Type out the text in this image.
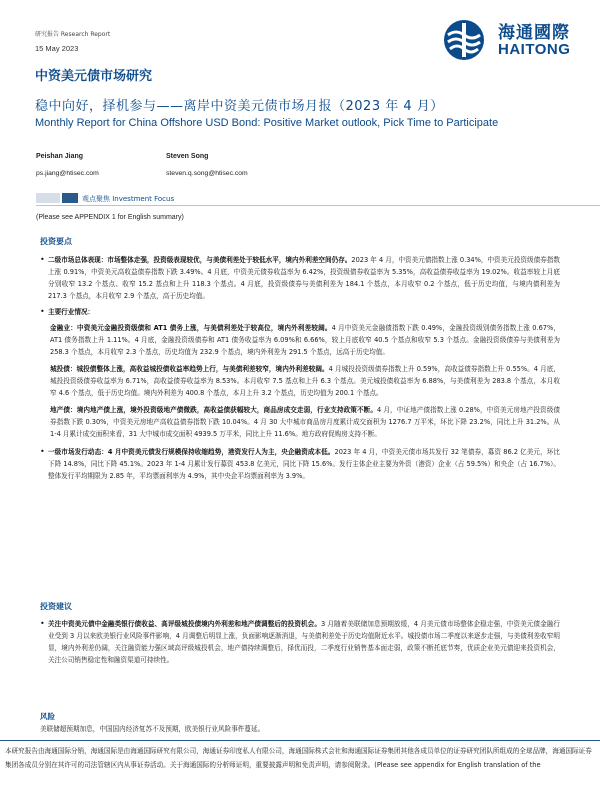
研究报告 Research Report
15 May 2023
海通國際
HAITONG
中资美元债市场研究
稳中向好，择机参与——离岸中资美元债市场月报（2023 年 4 月）
Monthly Report for China Offshore USD Bond: Positive Market outlook, Pick Time to Participate
Peishan Jiang
ps.jiang@htisec.com
Steven Song
steven.q.song@htisec.com
观点聚焦 Investment Focus
(Please see APPENDIX 1 for English summary)
投资要点
• 二级市场总体表现：市场整体走强，投资级表现较优，与美债利差处于较低水平，境内外利差空间仍存。2023 年 4 月，中资美元债指数上涨 0.34%，中资美元投资级债券指数上涨 0.91%，中资美元高收益债券指数下跌 3.49%。4 月底，中资美元债券收益率为 6.42%，投资级债券收益率为 5.35%，高收益债券收益率为 19.02%。收益率较上月底分别收窄 13.2 个基点、收窄 15.2 基点和上升 118.3 个基点。4 月底，投资级债券与美债利差为 184.1 个基点，本月收窄 0.2 个基点，低于历史均值，与境内债利差为 217.3 个基点，本月收窄 2.9 个基点，高于历史均值。
• 主要行业情况：
金融业：中资美元金融投资级债和 AT1 债务上涨，与美债利差处于较高位，境内外利差较阔。4 月中资美元金融债指数下跌 0.49%，金融投资级别债务指数上涨 0.67%，AT1 债务指数上升 1.11%。4 月底，金融投资级债券和 AT1 债务收益率为 6.09%和 6.66%，较上月底收窄 40.5 个基点和收窄 5.3 个基点。金融投资级债券与美债利差为 258.3 个基点，本月收窄 2.3 个基点，历史均值为 232.9 个基点，境内外利差为 291.5 个基点，远高于历史均值。
城投债：城投债整体上涨，高收益城投债收益率趋势上行，与美债利差较窄，境内外利差较阔。4 月城投投资级债券指数上升 0.59%，高收益债券指数上升 0.55%。4 月底，城投投资级债券收益率为 6.71%，高收益债券收益率为 8.53%。本月收窄 7.5 基点和上升 6.3 个基点。美元城投债收益率为 6.88%，与美债利差为 283.8 个基点，本月收窄 4.6 个基点，低于历史均值。境内外利差为 400.8 个基点，本月上升 3.2 个基点，历史均值为 200.1 个基点。
地产债：境内地产债上涨，境外投资级地产债微跌，高收益债获幅较大，商品房成交走弱，行业支持政策不断。4 月，中证地产债指数上涨 0.28%，中资美元房地产投资级债券指数下跌 0.30%，中资美元房地产高收益债券指数下跌 10.04%。4 月 30 大中城市商品房月度累计成交面积为 1276.7 万平米，环比下降 23.2%，同比上升 31.2%。从 1-4 月累计成交面积来看，31 大中城市成交面积 4939.5 万平米，同比上升 11.6%。地方政府促购房支持不断。
• 一级市场发行动态：4 月中资美元债发行规模保持收缩趋势，港资发行人为主，央企融资成本低。2023 年 4 月，中资美元债市场共发行 32 笔债券，募资 86.2 亿美元，环比下降 14.8%，同比下降 45.1%。2023 年 1-4 月累计发行募资 453.8 亿美元，同比下降 15.6%。发行主体企业主要为外资（港资）企业（占 59.5%）和央企（占 16.7%）。整体发行平均期限为 2.85 年，平均票面利率为 4.9%，其中央企平均票面利率为 3.9%。
投资建议
• 关注中资美元债中金融类银行债收益、高评级城投债境内外利差和地产债调整后的投资机会。3 月随着美联储加息预期放缓，4 月美元债市场整体企稳走强，中资美元债金融行业受到 3 月以来欧美银行业风险事件影响，4 月调整后明显上涨，负面影响逐渐消退，与美债利差处于历史均值附近水平。城投债市场二季度以来逐步走强，与美债利差收窄明显，境内外利差仍阔，关注融资能力强区域高评级城投机会，地产债持续调整后，择优而投，二季度行业销售基本面走弱，政策不断托底节奏，优质企业美元债迎来投资机会，关注公司销售稳定性和融资渠道可持续性。
风险
美联储超预期加息，中国国内经济复苏不及预期，欧美银行业风险事件蔓延。
本研究报告由海通国际分销，海通国际是由海通国际研究有限公司，海通证券印度私人有限公司，海通国际株式会社和海通国际证券集团其他各成员单位的证券研究团队所组成的全球品牌，海通国际证券集团各成员分别在其许可的司法管辖区内从事证券活动。关于海通国际的分析师证明，重要披露声明和免责声明，请参阅附录。(Please see appendix for English translation of the
